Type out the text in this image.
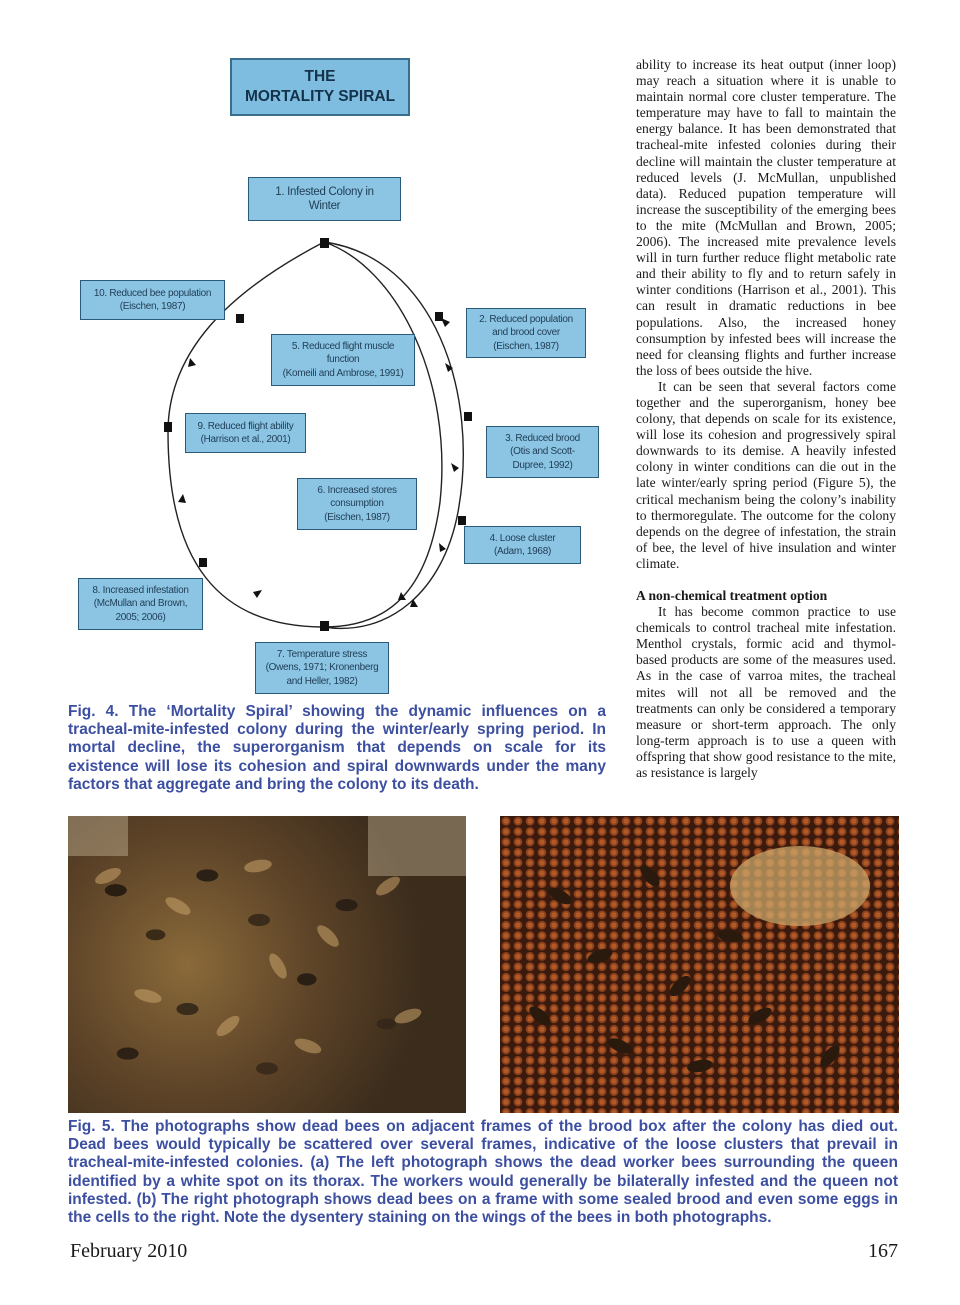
THE
MORTALITY SPIRAL
1. Infested Colony in
Winter
2. Reduced population
and brood cover
(Eischen, 1987)
3. Reduced brood
(Otis and Scott-
Dupree, 1992)
4. Loose cluster
(Adam, 1968)
5. Reduced flight muscle
function
(Komeili and Ambrose, 1991)
6. Increased stores
consumption
(Eischen, 1987)
7. Temperature stress
(Owens, 1971; Kronenberg
and Heller, 1982)
8. Increased infestation
(McMullan and Brown,
2005; 2006)
9. Reduced flight ability
(Harrison et al., 2001)
10. Reduced bee population
(Eischen, 1987)
Fig. 4. The ‘Mortality Spiral’ showing the dynamic influences on a tracheal-mite-infested colony during the winter/early spring period. In mortal decline, the superorganism that depends on scale for its existence will lose its cohesion and spiral downwards under the many factors that aggregate and bring the colony to its death.

ability to increase its heat output (inner loop) may reach a situation where it is unable to maintain normal core cluster temperature. The temperature may have to fall to maintain the energy balance. It has been demonstrated that tracheal-mite infested colonies during their decline will maintain the cluster temperature at reduced levels (J. McMullan, unpublished data). Reduced pupation temperature will increase the susceptibility of the emerging bees to the mite (McMullan and Brown, 2005; 2006). The increased mite prevalence levels will in turn further reduce flight metabolic rate and their ability to fly and to return safely in winter conditions (Harrison et al., 2001). This can result in dramatic reductions in bee populations. Also, the increased honey consumption by infested bees will increase the need for cleansing flights and further increase the loss of bees outside the hive.

It can be seen that several factors come together and the superorganism, honey bee colony, that depends on scale for its existence, will lose its cohesion and progressively spiral downwards to its demise. A heavily infested colony in winter conditions can die out in the late winter/early spring period (Figure 5), the critical mechanism being the colony’s inability to thermoregulate. The outcome for the colony depends on the degree of infestation, the strain of bee, the level of hive insulation and winter climate.

A non-chemical treatment option

It has become common practice to use chemicals to control tracheal mite infestation. Menthol crystals, formic acid and thymol-based products are some of the measures used. As in the case of varroa mites, the tracheal mites will not all be removed and the treatments can only be considered a temporary measure or short-term approach. The only long-term approach is to use a queen with offspring that show good resistance to the mite, as resistance is largely

Fig. 5. The photographs show dead bees on adjacent frames of the brood box after the colony has died out. Dead bees would typically be scattered over several frames, indicative of the loose clusters that prevail in tracheal-mite-infested colonies. (a) The left photograph shows the dead worker bees surrounding the queen identified by a white spot on its thorax. The workers would generally be bilaterally infested and the queen not infested. (b) The right photograph shows dead bees on a frame with some sealed brood and even some eggs in the cells to the right. Note the dysentery staining on the wings of the bees in both photographs.
February 2010	167
